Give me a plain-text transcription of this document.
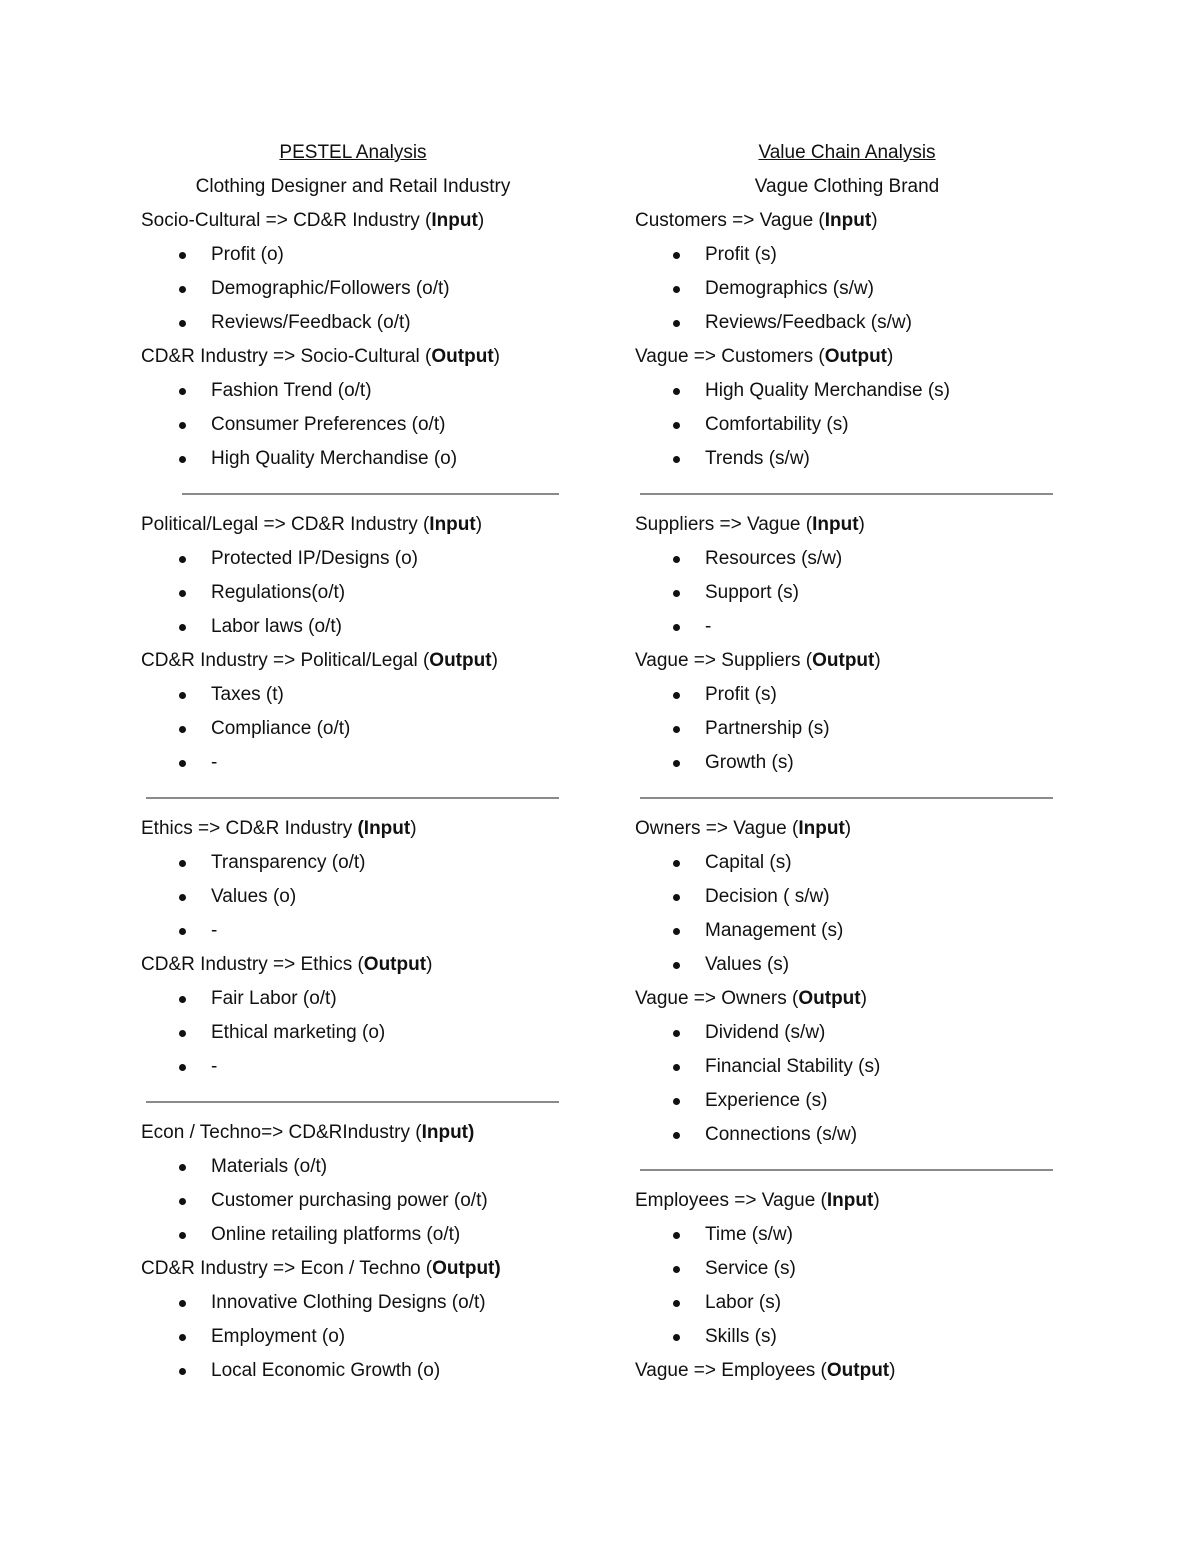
PESTEL Analysis
Clothing Designer and Retail Industry
Socio-Cultural => CD&R Industry (Input)
Profit (o)
Demographic/Followers (o/t)
Reviews/Feedback (o/t)
CD&R Industry => Socio-Cultural (Output)
Fashion Trend (o/t)
Consumer Preferences (o/t)
High Quality Merchandise (o)
Political/Legal => CD&R Industry (Input)
Protected IP/Designs (o)
Regulations(o/t)
Labor laws (o/t)
CD&R Industry => Political/Legal (Output)
Taxes (t)
Compliance (o/t)
-
Ethics => CD&R Industry (Input)
Transparency (o/t)
Values (o)
-
CD&R Industry => Ethics (Output)
Fair Labor (o/t)
Ethical marketing (o)
-
Econ / Techno=> CD&RIndustry (Input)
Materials (o/t)
Customer purchasing power (o/t)
Online retailing platforms (o/t)
CD&R Industry => Econ / Techno (Output)
Innovative Clothing Designs (o/t)
Employment (o)
Local Economic Growth (o)
Value Chain Analysis
Vague Clothing Brand
Customers => Vague (Input)
Profit (s)
Demographics (s/w)
Reviews/Feedback (s/w)
Vague => Customers (Output)
High Quality Merchandise (s)
Comfortability (s)
Trends (s/w)
Suppliers => Vague (Input)
Resources (s/w)
Support (s)
-
Vague => Suppliers (Output)
Profit (s)
Partnership (s)
Growth (s)
Owners => Vague (Input)
Capital (s)
Decision ( s/w)
Management (s)
Values (s)
Vague => Owners (Output)
Dividend (s/w)
Financial Stability (s)
Experience (s)
Connections (s/w)
Employees => Vague (Input)
Time (s/w)
Service (s)
Labor (s)
Skills (s)
Vague => Employees (Output)
